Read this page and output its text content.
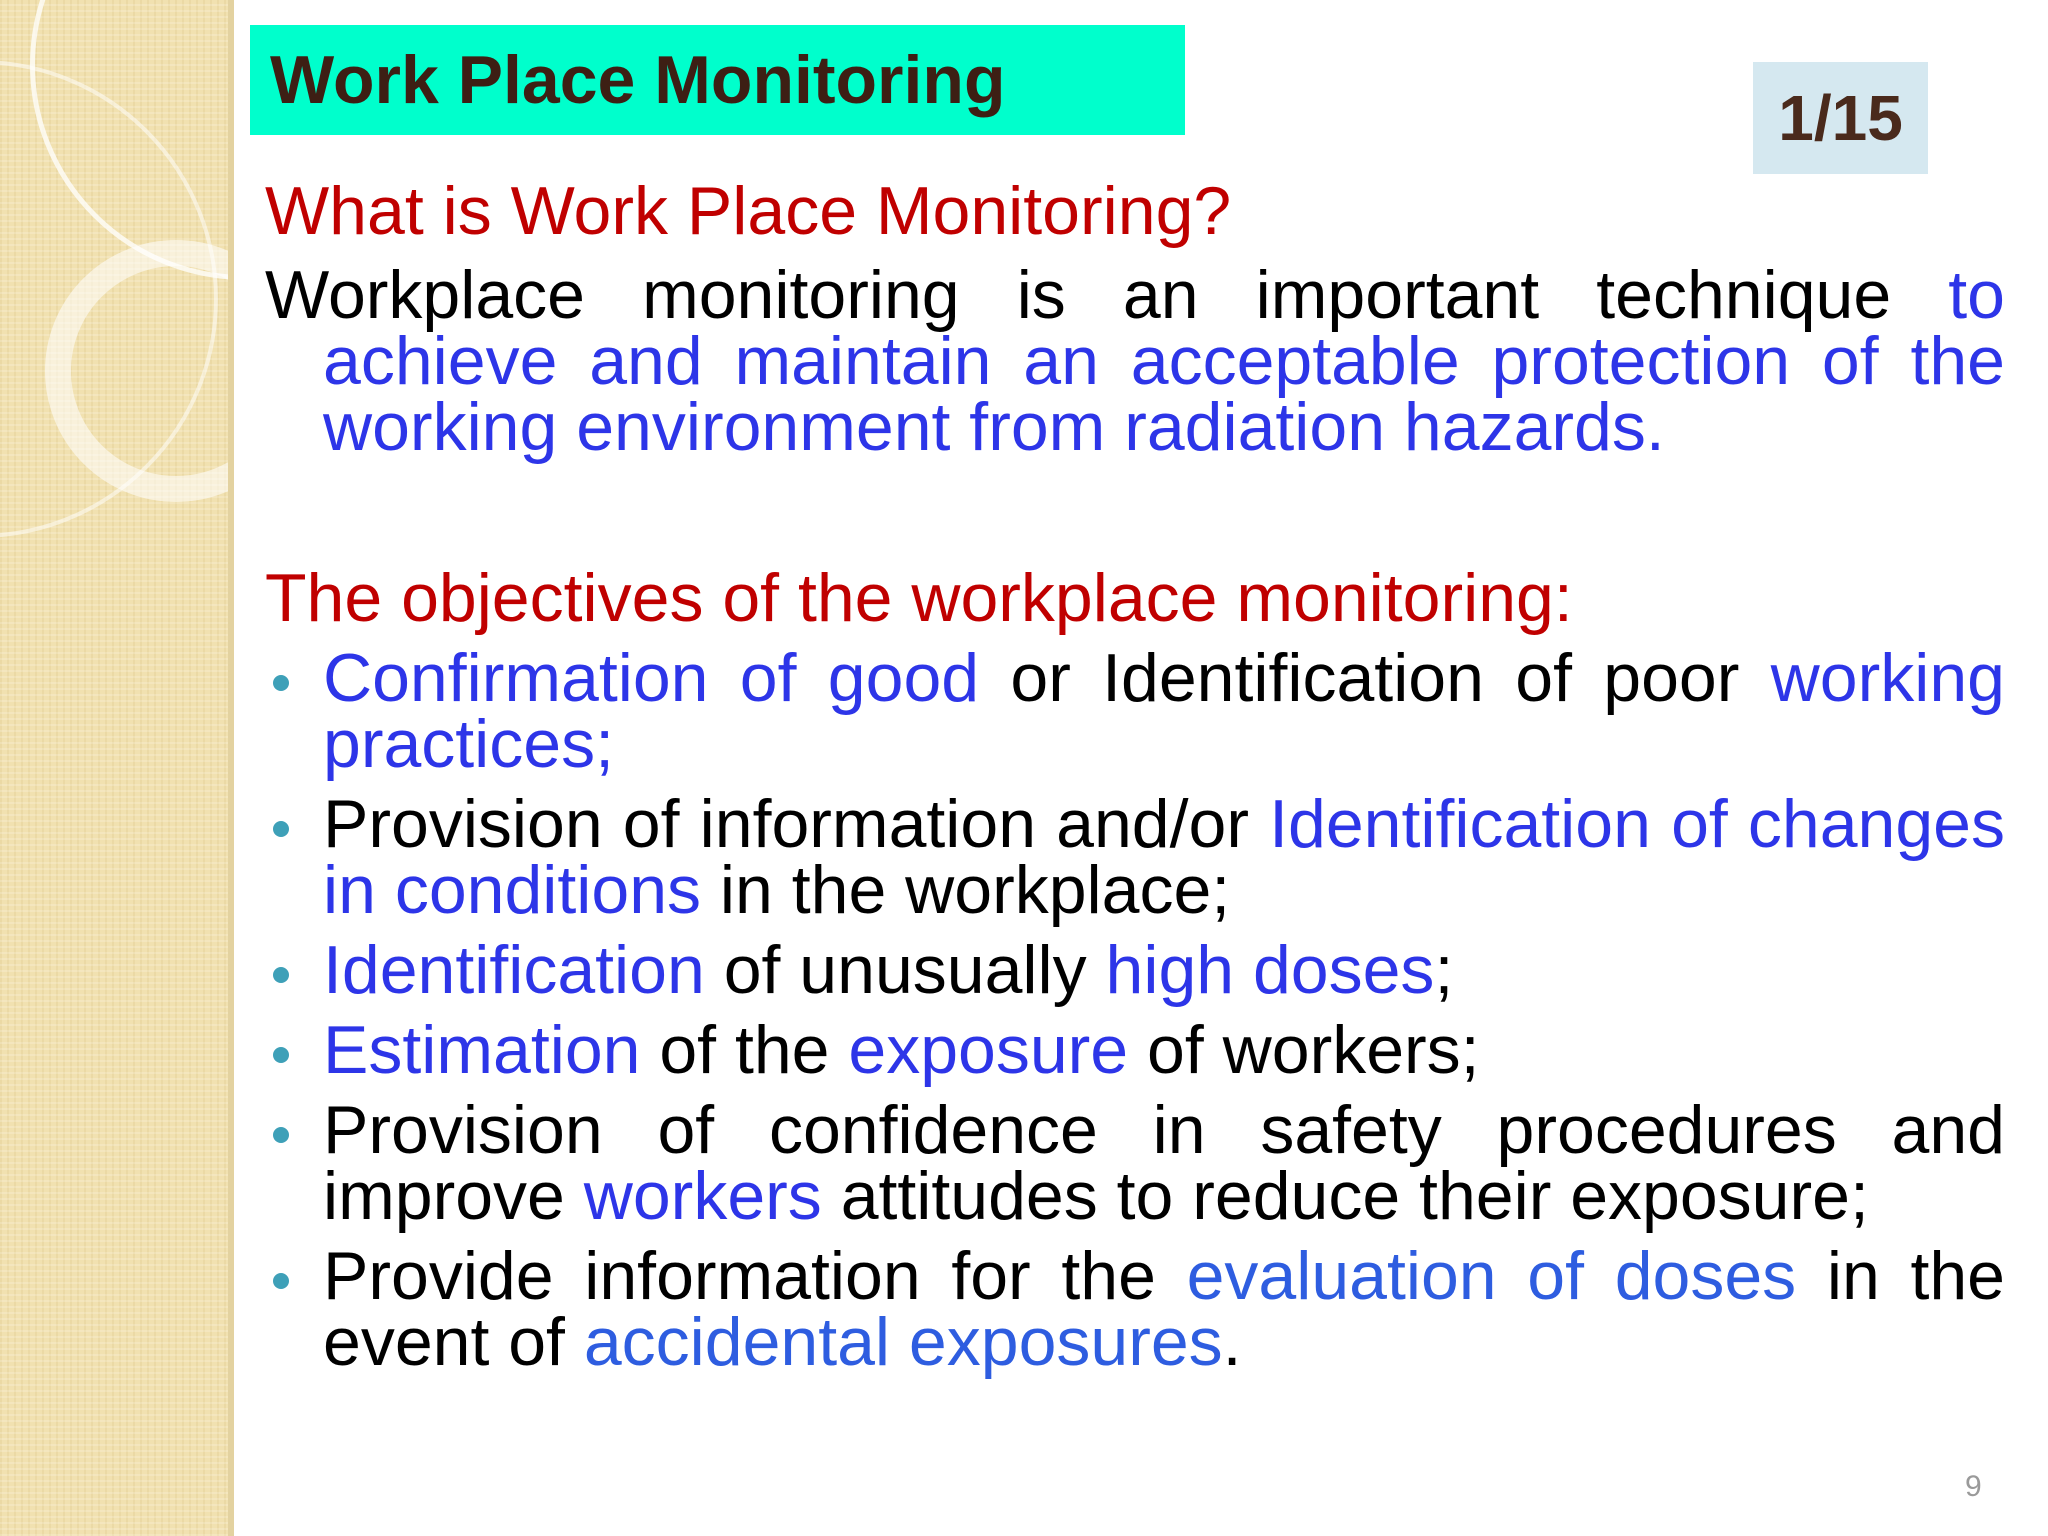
Work Place Monitoring	1/15

What is Work Place Monitoring?

Workplace monitoring is an important technique to achieve and maintain an acceptable protection of the working environment from radiation hazards.

The objectives of the workplace monitoring:

Confirmation of good or Identification of poor working practices;
Provision of information and/or Identification of changes in conditions in the workplace;
Identification of unusually high doses;
Estimation of the exposure of workers;
Provision of confidence in safety procedures and improve workers attitudes to reduce their exposure;
Provide information for the evaluation of doses in the event of accidental exposures.
9
